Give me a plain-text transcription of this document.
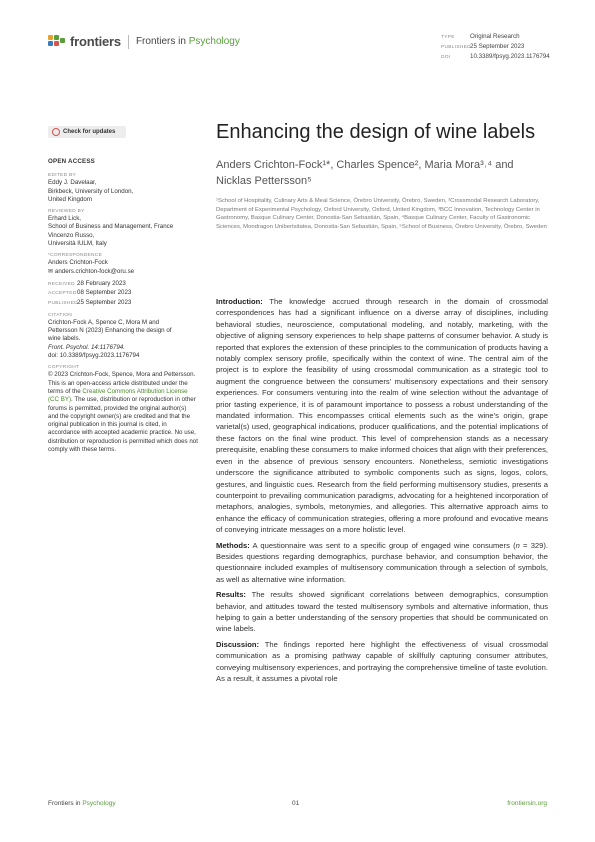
frontiers Frontiers in Psychology	TYPE Original Research
PUBLISHED25 September 2023
DOI	10.3389/fpsyg.2023.1176794
Check for updates
OPEN ACCESS
EDITED BY
Eddy J. Davelaar,
Birkbeck, University of London,
United Kingdom
REVIEWED BY
Erhard Lick,
School of Business and Management, France
Vincenzo Russo,
Università IULM, Italy
*CORRESPONDENCE
Anders Crichton-Fock
✉ anders.crichton-fock@oru.se
RECEIVED 28 February 2023
ACCEPTED08 September 2023
PUBLISHED25 September 2023
CITATION
Crichton-Fock A, Spence C, Mora M and
Pettersson N (2023) Enhancing the design of
wine labels.
Front. Psychol. 14:1176794.
doi: 10.3389/fpsyg.2023.1176794
COPYRIGHT
© 2023 Crichton-Fock, Spence, Mora and Pettersson. This is an open-access article distributed under the terms of the Creative Commons Attribution License (CC BY). The use, distribution or reproduction in other forums is permitted, provided the original author(s) and the copyright owner(s) are credited and that the original publication in this journal is cited, in accordance with accepted academic practice. No use, distribution or reproduction is permitted which does not comply with these terms.
Enhancing the design of wine labels
Anders Crichton-Fock¹*, Charles Spence², Maria Mora³˒⁴ and Nicklas Pettersson⁵
¹School of Hospitality, Culinary Arts & Meal Science, Örebro University, Örebro, Sweden, ²Crossmodal Research Laboratory, Department of Experimental Psychology, Oxford University, Oxford, United Kingdom, ³BCC Innovation, Technology Center in Gastronomy, Basque Culinary Center, Donostia-San Sebastián, Spain, ⁴Basque Culinary Center, Faculty of Gastronomic Sciences, Mondragon Unibertsitatea, Donostia-San Sebastián, Spain, ⁵School of Business, Örebro University, Örebro, Sweden

Introduction: The knowledge accrued through research in the domain of crossmodal correspondences has had a significant influence on a diverse array of disciplines, including behavioral studies, neuroscience, computational modeling, and notably, marketing, with the objective of aligning sensory experiences to help shape patterns of consumer behavior. A study is reported that explores the extension of these principles to the communication of products having a notably complex sensory profile, specifically within the context of wine. The central aim of the project is to explore the feasibility of using crossmodal communication as a strategic tool to augment the congruence between the consumers' multisensory expectations and their sensory experiences. For consumers venturing into the realm of wine selection without the advantage of prior tasting experience, it is of paramount importance to possess a robust understanding of the mandated information. This encompasses critical elements such as the wine's origin, grape varietal(s) used, geographical indications, producer qualifications, and the potential implications of these factors on the final wine product. This level of comprehension stands as a necessary prerequisite, enabling these consumers to make informed choices that align with their preferences, even in the absence of previous sensory encounters. Nonetheless, semiotic investigations underscore the significance attributed to symbolic components such as signs, logos, colors, gestures, and linguistic cues. Research from the field performing multisensory studies, presents a counterpoint to prevailing communication paradigms, advocating for a heightened incorporation of metaphors, analogies, symbols, metonymies, and allegories. This alternative approach aims to enhance the efficacy of communication strategies, offering a more profound and evocative means of conveying intricate messages on a more holistic level.

Methods: A questionnaire was sent to a specific group of engaged wine consumers (n = 329). Besides questions regarding demographics, purchase behavior, and consumption behavior, the questionnaire included examples of multisensory communication through a selection of symbols, as well as alternative wine information.

Results: The results showed significant correlations between demographics, consumption behavior, and attitudes toward the tested multisensory symbols and alternative information, thus helping to gain a better understanding of the sensory properties that should be communicated on wine labels.

Discussion: The findings reported here highlight the effectiveness of visual crossmodal communication as a promising pathway capable of skillfully capturing consumer attributes, conveying multisensory experiences, and portraying the comprehensive timeline of taste evolution. As a result, it assumes a pivotal role

Frontiers in Psychology	01	frontiersin.org
